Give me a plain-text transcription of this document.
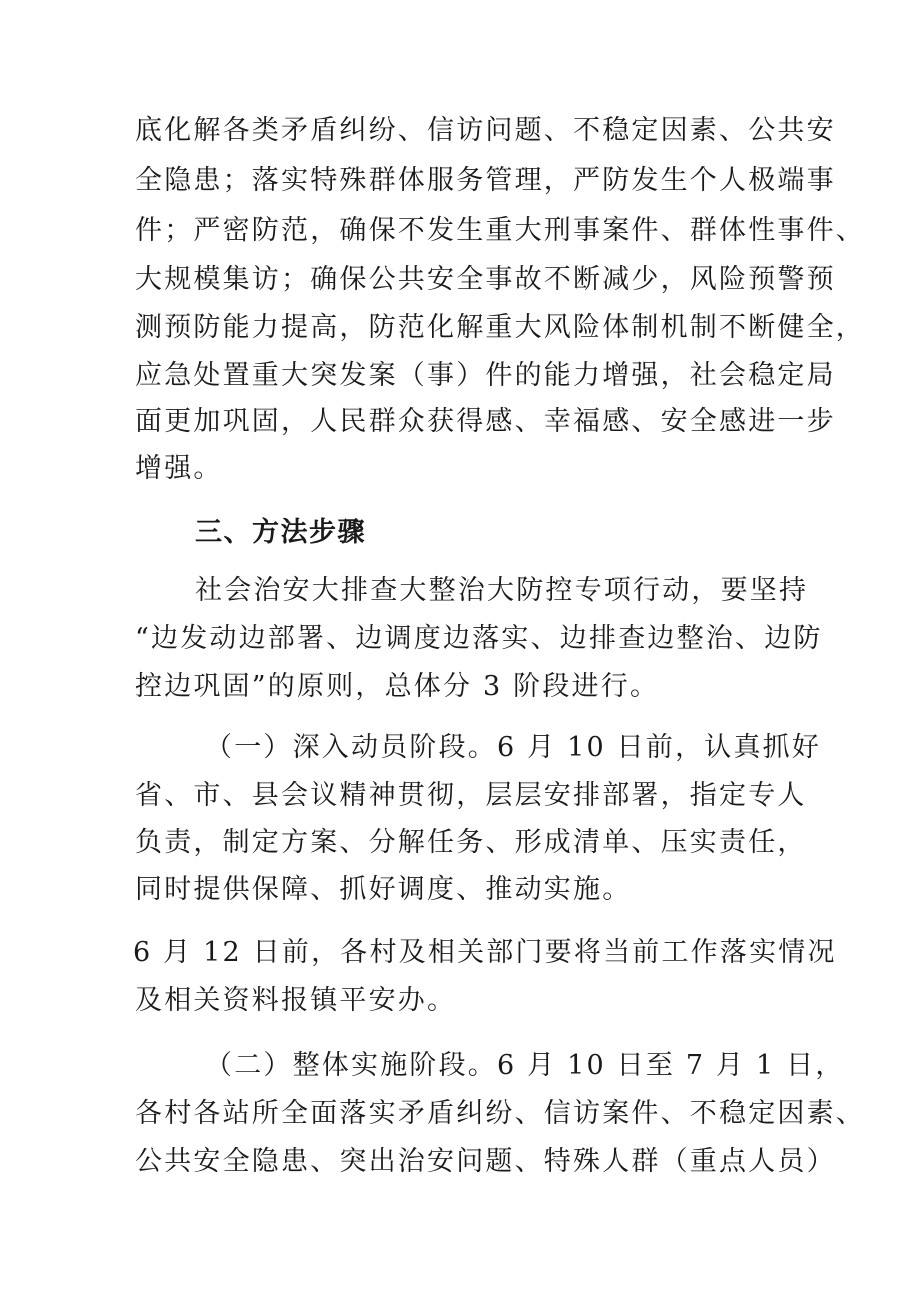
底化解各类矛盾纠纷、信访问题、不稳定因素、公共安
全隐患；落实特殊群体服务管理，严防发生个人极端事
件；严密防范，确保不发生重大刑事案件、群体性事件、
大规模集访；确保公共安全事故不断减少，风险预警预
测预防能力提高，防范化解重大风险体制机制不断健全，
应急处置重大突发案（事）件的能力增强，社会稳定局
面更加巩固，人民群众获得感、幸福感、安全感进一步
增强。
三、方法步骤
社会治安大排查大整治大防控专项行动，要坚持
“边发动边部署、边调度边落实、边排查边整治、边防
控边巩固”的原则，总体分 3 阶段进行。
（一）深入动员阶段。6 月 10 日前，认真抓好
省、市、县会议精神贯彻，层层安排部署，指定专人
负责，制定方案、分解任务、形成清单、压实责任，
同时提供保障、抓好调度、推动实施。
6 月 12 日前，各村及相关部门要将当前工作落实情况
及相关资料报镇平安办。
（二）整体实施阶段。6 月 10 日至 7 月 1 日，
各村各站所全面落实矛盾纠纷、信访案件、不稳定因素、
公共安全隐患、突出治安问题、特殊人群（重点人员）
